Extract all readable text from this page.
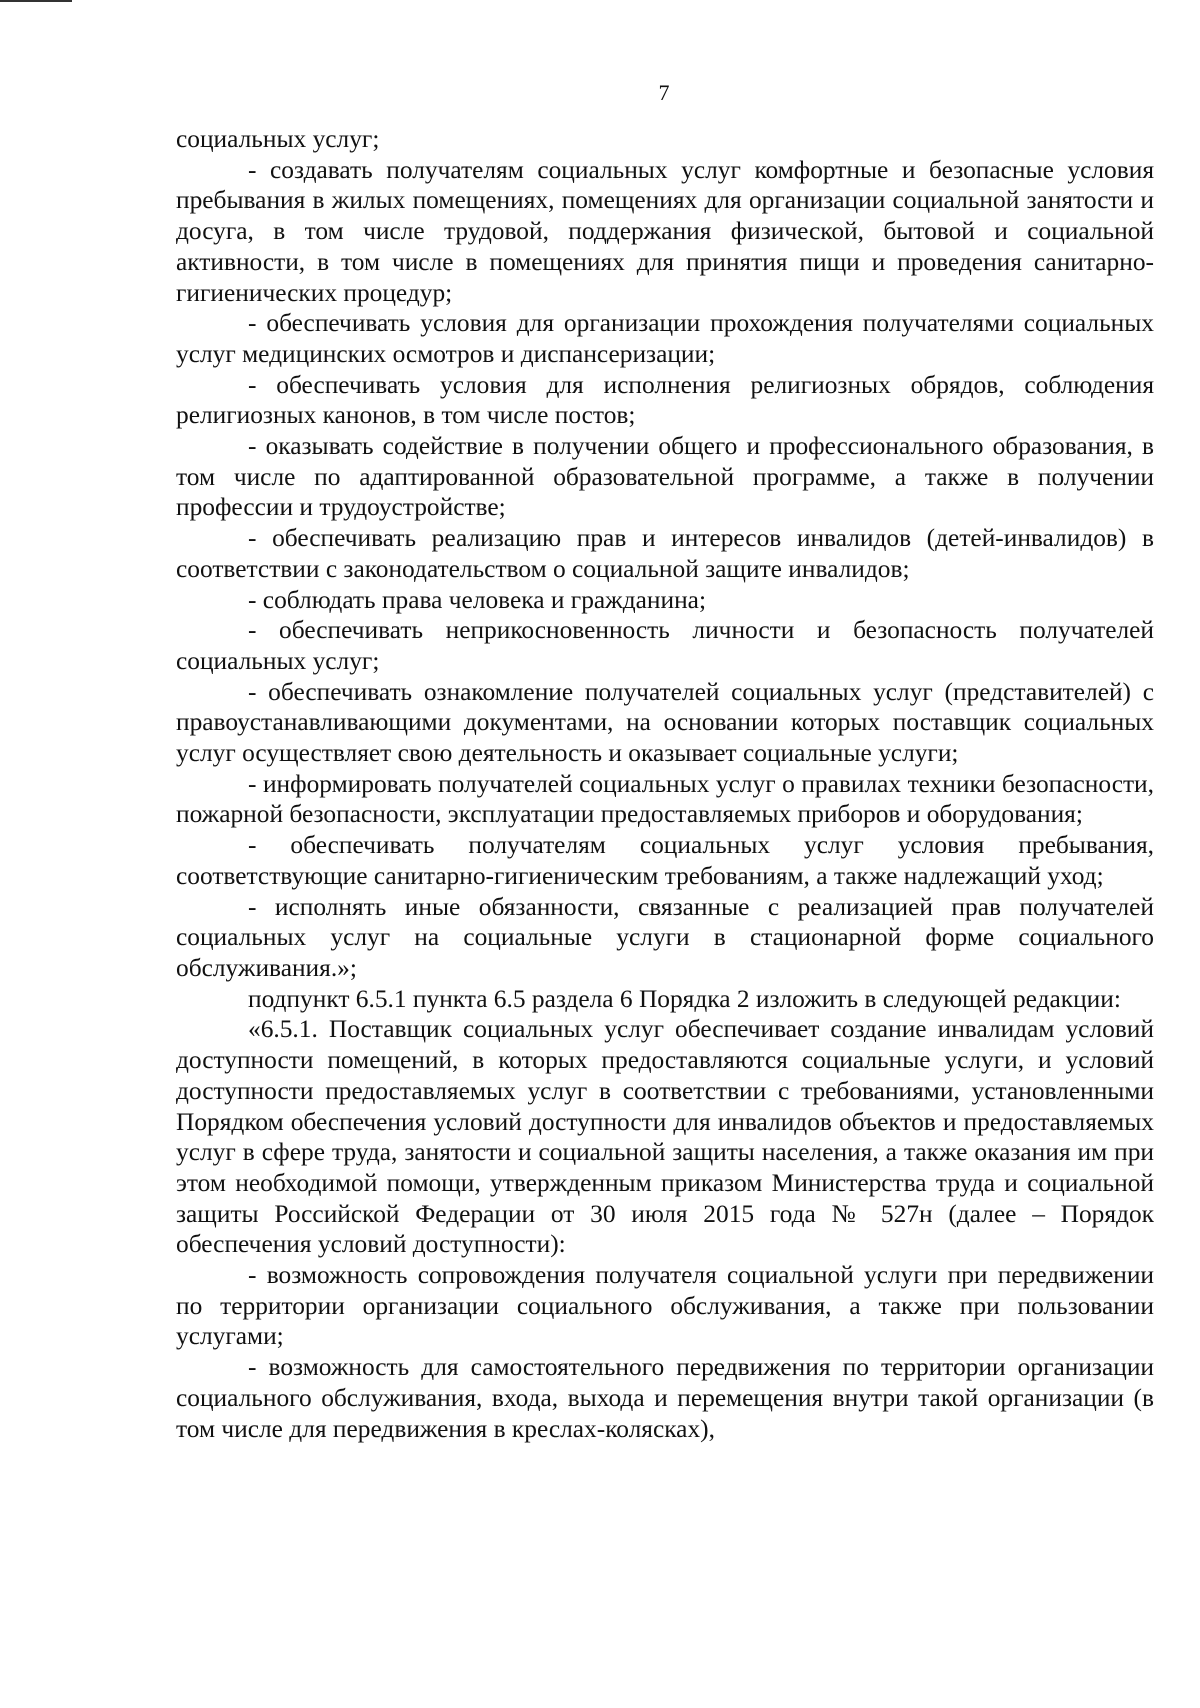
7

социальных услуг;

- создавать получателям социальных услуг комфортные и безопасные условия пребывания в жилых помещениях, помещениях для организации социальной занятости и досуга, в том числе трудовой, поддержания физической, бытовой и социальной активности, в том числе в помещениях для принятия пищи и проведения санитарно-гигиенических процедур;

- обеспечивать условия для организации прохождения получателями социальных услуг медицинских осмотров и диспансеризации;

- обеспечивать условия для исполнения религиозных обрядов, соблюдения религиозных канонов, в том числе постов;

- оказывать содействие в получении общего и профессионального образования, в том числе по адаптированной образовательной программе, а также в получении профессии и трудоустройстве;

- обеспечивать реализацию прав и интересов инвалидов (детей-инвалидов) в соответствии с законодательством о социальной защите инвалидов;

- соблюдать права человека и гражданина;

- обеспечивать неприкосновенность личности и безопасность получателей социальных услуг;

- обеспечивать ознакомление получателей социальных услуг (представителей) с правоустанавливающими документами, на основании которых поставщик социальных услуг осуществляет свою деятельность и оказывает социальные услуги;

- информировать получателей социальных услуг о правилах техники безопасности, пожарной безопасности, эксплуатации предоставляемых приборов и оборудования;

- обеспечивать получателям социальных услуг условия пребывания, соответствующие санитарно-гигиеническим требованиям, а также надлежащий уход;

- исполнять иные обязанности, связанные с реализацией прав получателей социальных услуг на социальные услуги в стационарной форме социального обслуживания.»;

подпункт 6.5.1 пункта 6.5 раздела 6 Порядка 2 изложить в следующей редакции:

«6.5.1. Поставщик социальных услуг обеспечивает создание инвалидам условий доступности помещений, в которых предоставляются социальные услуги, и условий доступности предоставляемых услуг в соответствии с требованиями, установленными Порядком обеспечения условий доступности для инвалидов объектов и предоставляемых услуг в сфере труда, занятости и социальной защиты населения, а также оказания им при этом необходимой помощи, утвержденным приказом Министерства труда и социальной защиты Российской Федерации от 30 июля 2015 года № 527н (далее – Порядок обеспечения условий доступности):

- возможность сопровождения получателя социальной услуги при передвижении по территории организации социального обслуживания, а также при пользовании услугами;

- возможность для самостоятельного передвижения по территории организации социального обслуживания, входа, выхода и перемещения внутри такой организации (в том числе для передвижения в креслах-колясках),
